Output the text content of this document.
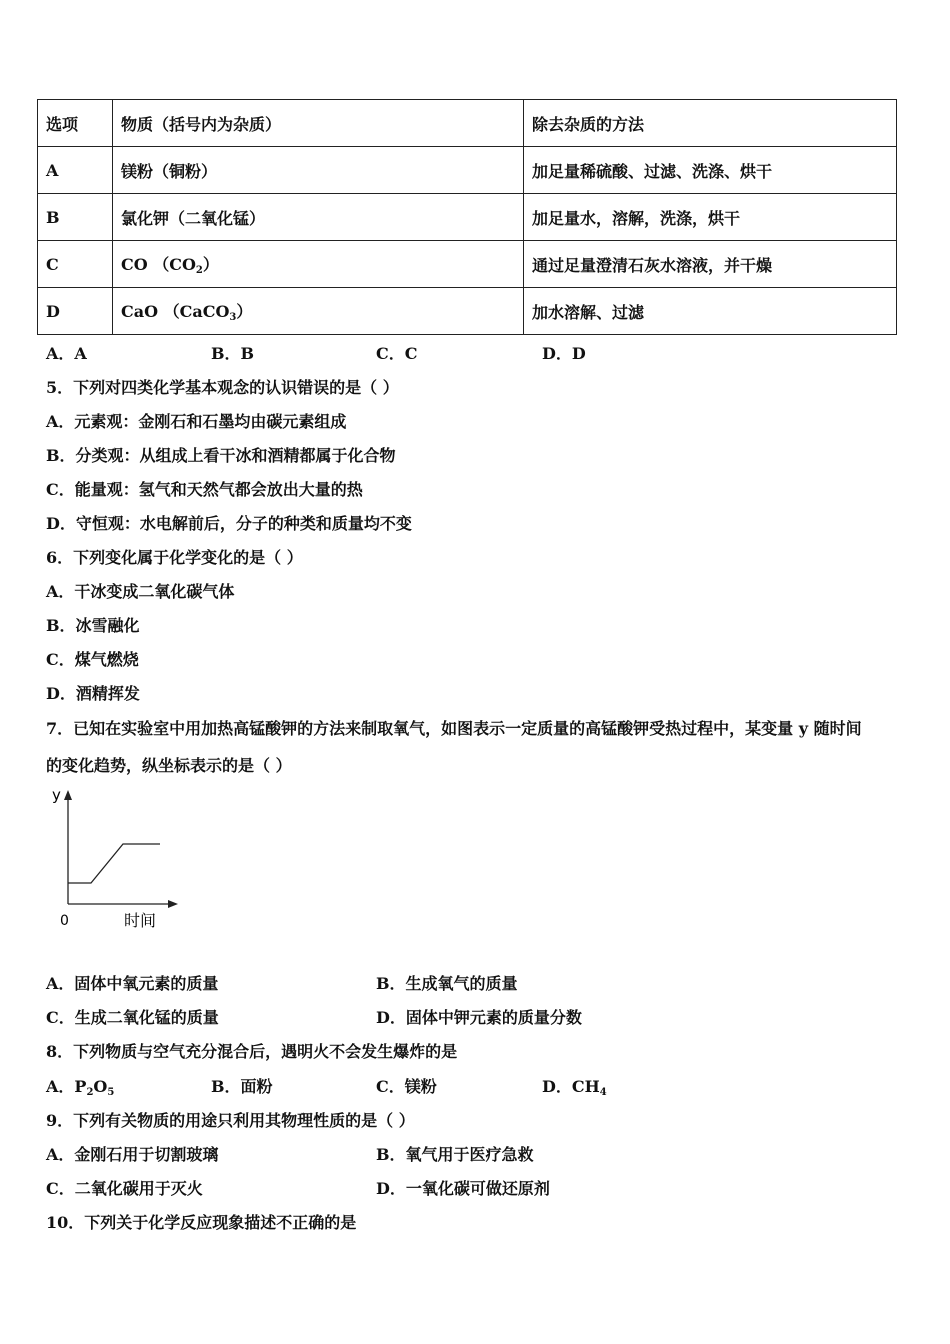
选项	物质（括号内为杂质）	除去杂质的方法
A	镁粉（铜粉）	加足量稀硫酸、过滤、洗涤、烘干
B	氯化钾（二氧化锰）	加足量水，溶解，洗涤，烘干
C	CO $(CO_2)$	通过足量澄清石灰水溶液，并干燥
D	CaO （CaCO$_3$）	加水溶解、过滤
A．A	B．B	C．C	D．D
5．下列对四类化学基本观念的认识错误的是（ ）
A．元素观：金刚石和石墨均由碳元素组成
B．分类观：从组成上看干冰和酒精都属于化合物
C．能量观：氢气和天然气都会放出大量的热
D．守恒观：水电解前后，分子的种类和质量均不变
6．下列变化属于化学变化的是（ ）
A．干冰变成二氧化碳气体
B．冰雪融化
C．煤气燃烧
D．酒精挥发
7．已知在实验室中用加热高锰酸钾的方法来制取氧气，如图表示一定质量的高锰酸钾受热过程中，某变量 y 随时间
的变化趋势，纵坐标表示的是（ ）
y
0	时间
A．固体中氧元素的质量	B．生成氧气的质量
C．生成二氧化锰的质量	D．固体中钾元素的质量分数
8．下列物质与空气充分混合后，遇明火不会发生爆炸的是
A．$P_2O_5$	B．面粉	C．镁粉	D．$CH_4$
9．下列有关物质的用途只利用其物理性质的是（ ）
A．金刚石用于切割玻璃	B．氧气用于医疗急救
C．二氧化碳用于灭火	D．一氧化碳可做还原剂
10．下列关于化学反应现象描述不正确的是
